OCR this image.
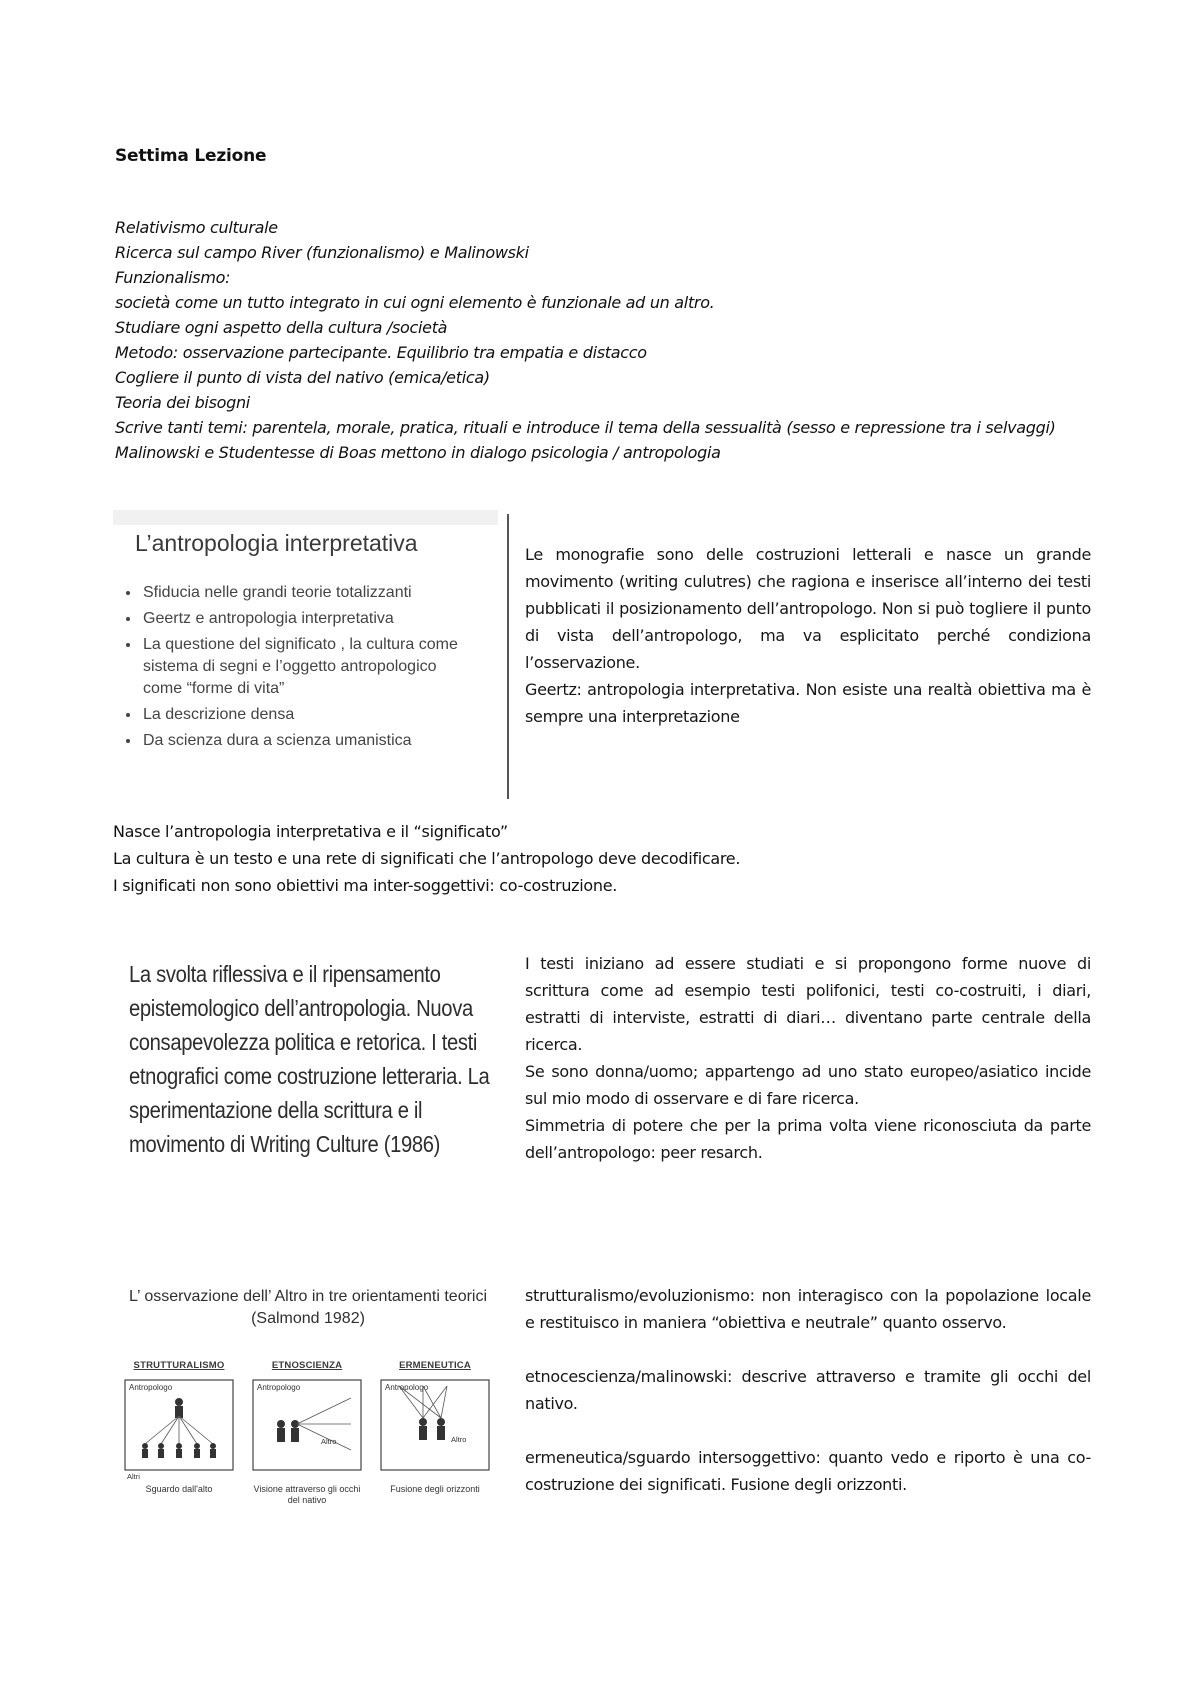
Settima Lezione
Relativismo culturale
Ricerca sul campo River (funzionalismo) e Malinowski
Funzionalismo:
società come un tutto integrato in cui ogni elemento è funzionale ad un altro.
Studiare ogni aspetto della cultura /società
Metodo: osservazione partecipante. Equilibrio tra empatia e distacco
Cogliere il punto di vista del nativo (emica/etica)
Teoria dei bisogni
Scrive tanti temi: parentela, morale, pratica, rituali e introduce il tema della sessualità (sesso e repressione tra i selvaggi)
Malinowski e Studentesse di Boas mettono in dialogo psicologia / antropologia
L’antropologia interpretativa
• Sfiducia nelle grandi teorie totalizzanti
• Geertz e antropologia interpretativa
• La questione del significato , la cultura come sistema di segni e l’oggetto antropologico come “forme di vita”
• La descrizione densa
• Da scienza dura a scienza umanistica
Le monografie sono delle costruzioni letterali e nasce un grande movimento (writing culutres) che ragiona e inserisce all’interno dei testi pubblicati il posizionamento dell’antropologo. Non si può togliere il punto di vista dell’antropologo, ma va esplicitato perché condiziona l’osservazione.
Geertz: antropologia interpretativa. Non esiste una realtà obiettiva ma è sempre una interpretazione
Nasce l’antropologia interpretativa e il “significato”
La cultura è un testo e una rete di significati che l’antropologo deve decodificare.
I significati non sono obiettivi ma inter-soggettivi: co-costruzione.
La svolta riflessiva e il ripensamento epistemologico dell’antropologia. Nuova consapevolezza politica e retorica. I testi etnografici come costruzione letteraria. La sperimentazione della scrittura e il movimento di Writing Culture (1986)
I testi iniziano ad essere studiati e si propongono forme nuove di scrittura come ad esempio testi polifonici, testi co-costruiti, i diari, estratti di interviste, estratti di diari… diventano parte centrale della ricerca.
Se sono donna/uomo; appartengo ad uno stato europeo/asiatico incide sul mio modo di osservare e di fare ricerca.
Simmetria di potere che per la prima volta viene riconosciuta da parte dell’antropologo: peer resarch.
L’ osservazione dell’ Altro in tre orientamenti teorici (Salmond 1982)
STRUTTURALISMO
Antropologo
Altri
Sguardo dall'alto
ETNOSCIENZA
Antropologo
Altro
Visione attraverso gli occhi del nativo
ERMENEUTICA
Antropologo
Altro
Fusione degli orizzonti

strutturalismo/evoluzionismo: non interagisco con la popolazione locale e restituisco in maniera “obiettiva e neutrale” quanto osservo.

etnocescienza/malinowski: descrive attraverso e tramite gli occhi del nativo.

ermeneutica/sguardo intersoggettivo: quanto vedo e riporto è una co-costruzione dei significati. Fusione degli orizzonti.
